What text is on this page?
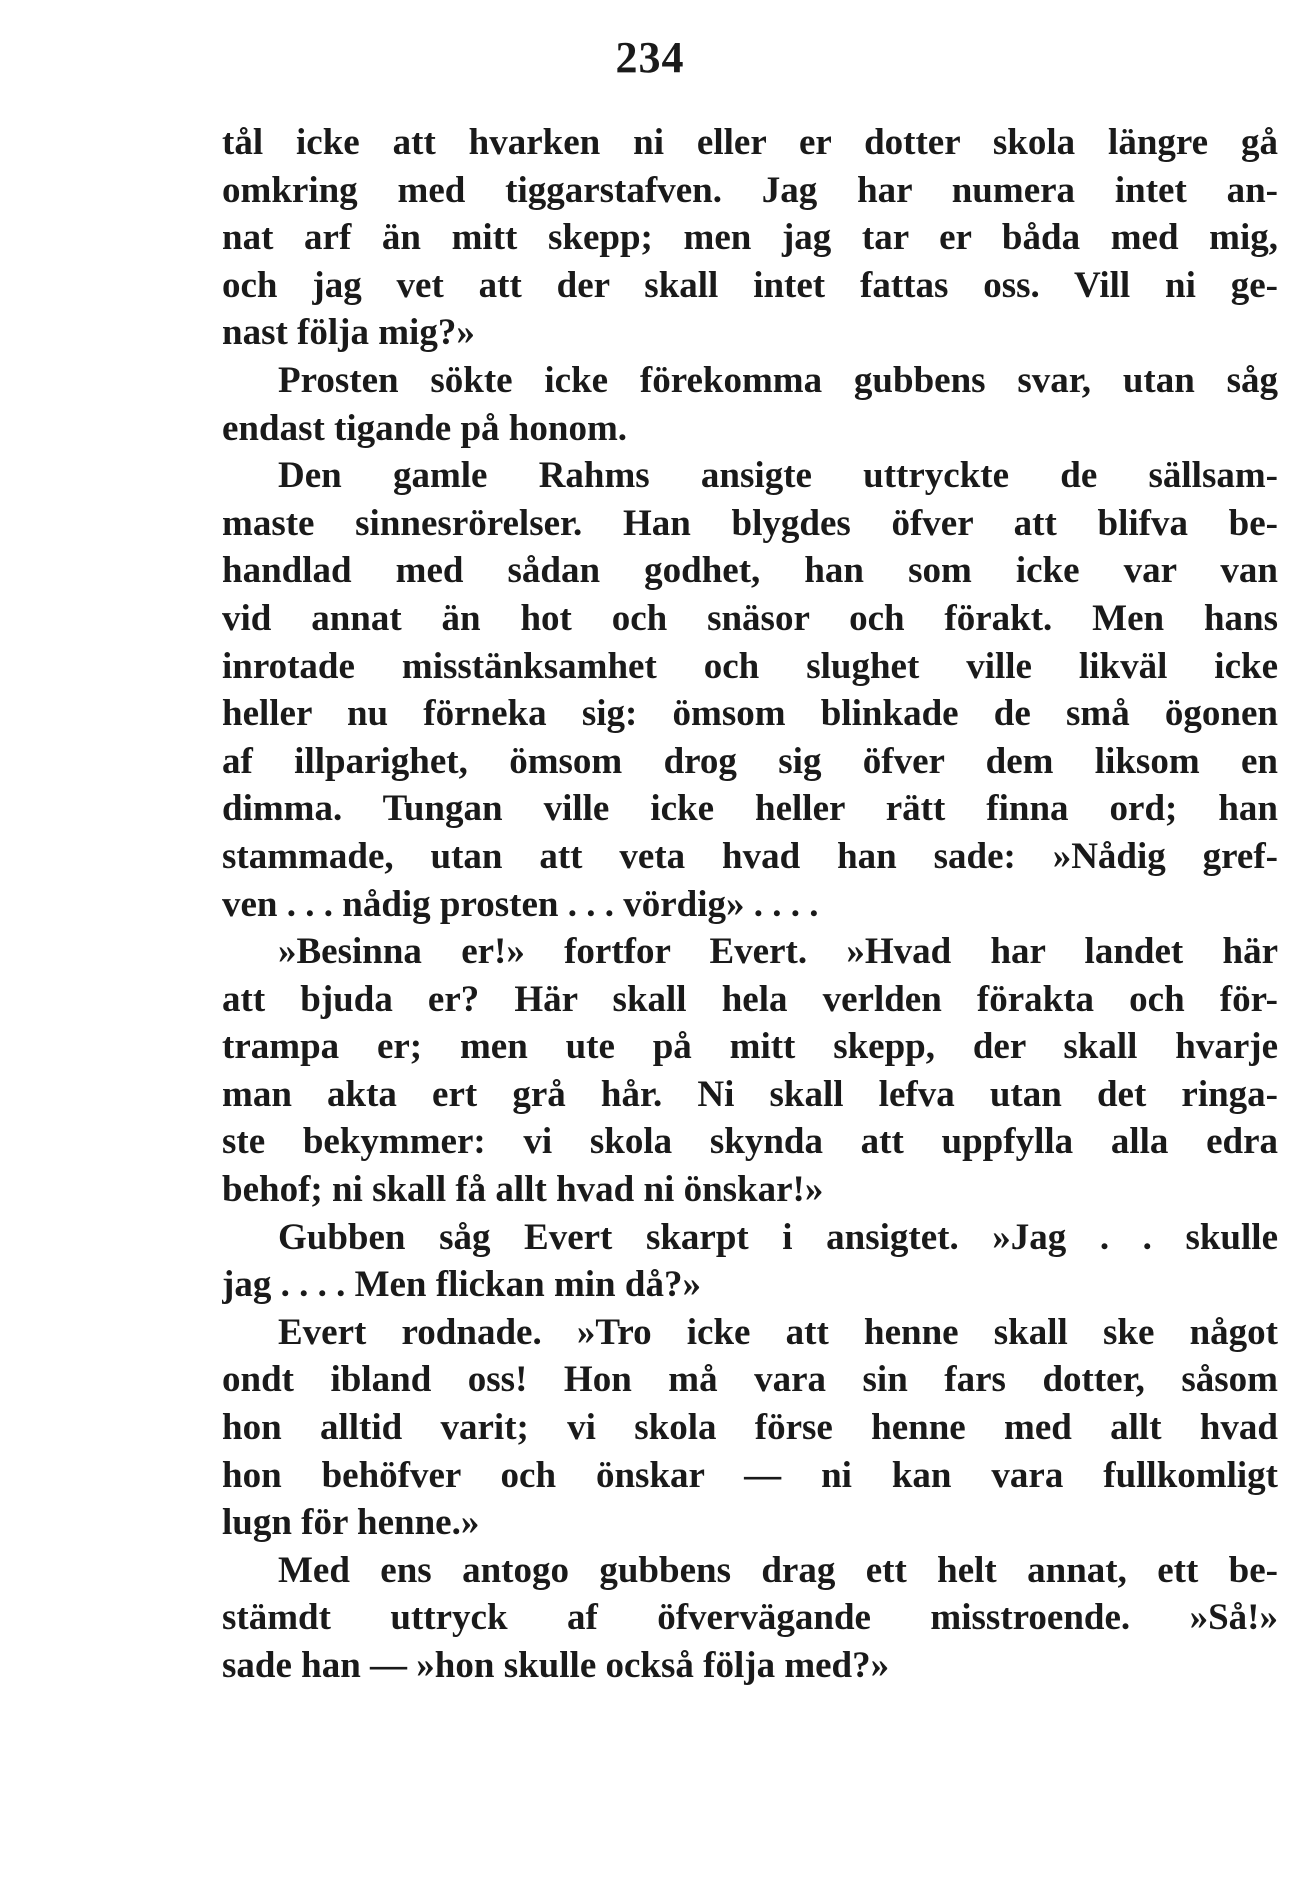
234
tål icke att hvarken ni eller er dotter skola längre gå
omkring med tiggarstafven. Jag har numera intet an-
nat arf än mitt skepp; men jag tar er båda med mig,
och jag vet att der skall intet fattas oss. Vill ni ge-
nast följa mig?»
Prosten sökte icke förekomma gubbens svar, utan såg
endast tigande på honom.
Den gamle Rahms ansigte uttryckte de sällsam-
maste sinnesrörelser. Han blygdes öfver att blifva be-
handlad med sådan godhet, han som icke var van
vid annat än hot och snäsor och förakt. Men hans
inrotade misstänksamhet och slughet ville likväl icke
heller nu förneka sig: ömsom blinkade de små ögonen
af illparighet, ömsom drog sig öfver dem liksom en
dimma. Tungan ville icke heller rätt finna ord; han
stammade, utan att veta hvad han sade: »Nådig gref-
ven . . . nådig prosten . . . vördig» . . . .
»Besinna er!» fortfor Evert. »Hvad har landet här
att bjuda er? Här skall hela verlden förakta och för-
trampa er; men ute på mitt skepp, der skall hvarje
man akta ert grå hår. Ni skall lefva utan det ringa-
ste bekymmer: vi skola skynda att uppfylla alla edra
behof; ni skall få allt hvad ni önskar!»
Gubben såg Evert skarpt i ansigtet. »Jag . . skulle
jag . . . . Men flickan min då?»
Evert rodnade. »Tro icke att henne skall ske något
ondt ibland oss! Hon må vara sin fars dotter, såsom
hon alltid varit; vi skola förse henne med allt hvad
hon behöfver och önskar — ni kan vara fullkomligt
lugn för henne.»
Med ens antogo gubbens drag ett helt annat, ett be-
stämdt uttryck af öfvervägande misstroende. »Så!»
sade han — »hon skulle också följa med?»
